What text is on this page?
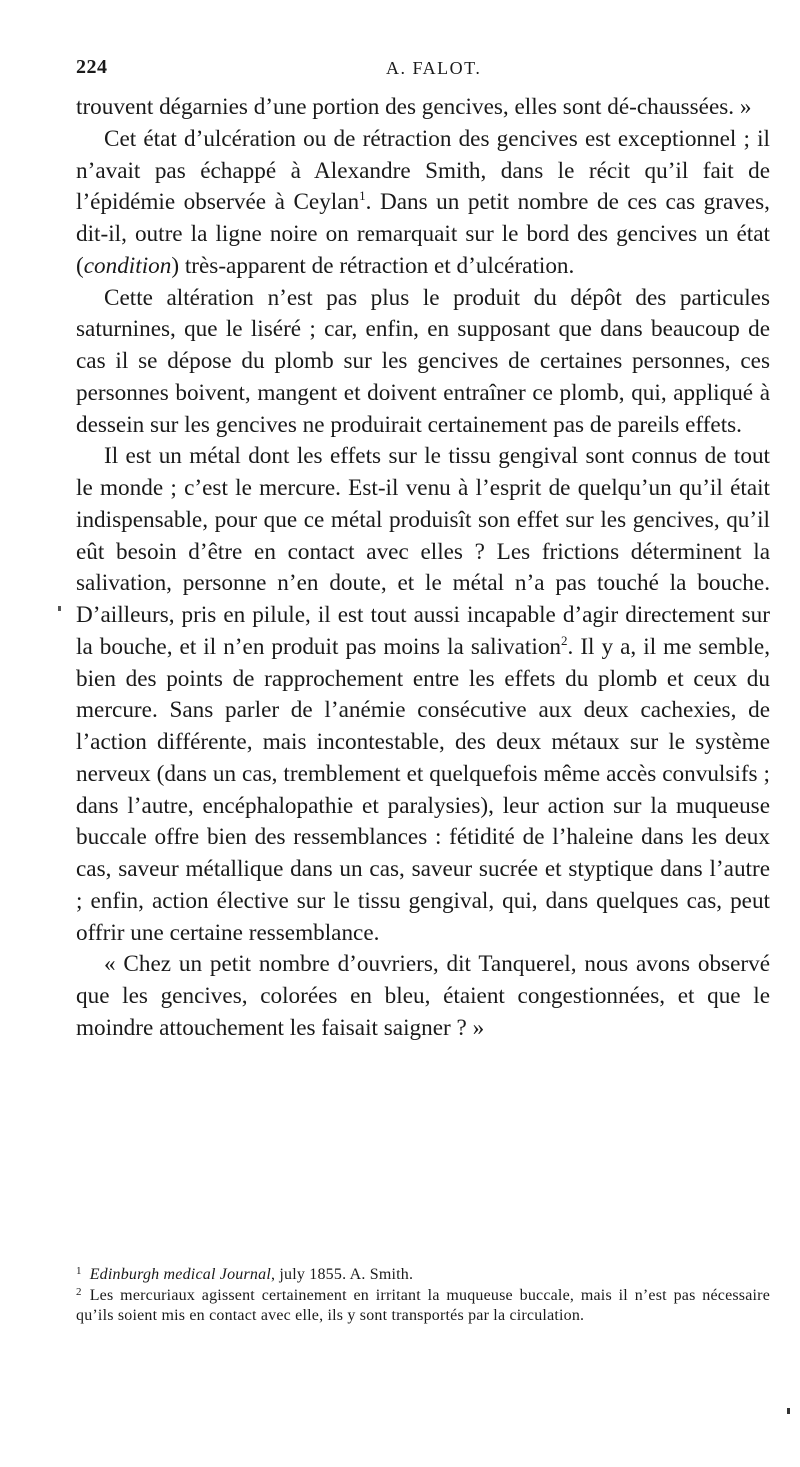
224	A. FALOT.

trouvent dégarnies d’une portion des gencives, elles sont dé-chaussées. »

Cet état d’ulcération ou de rétraction des gencives est exceptionnel ; il n’avait pas échappé à Alexandre Smith, dans le récit qu’il fait de l’épidémie observée à Ceylan$^1$. Dans un petit nombre de ces cas graves, dit-il, outre la ligne noire on remarquait sur le bord des gencives un état (condition) très-apparent de rétraction et d’ulcération.

Cette altération n’est pas plus le produit du dépôt des particules saturnines, que le liséré ; car, enfin, en supposant que dans beaucoup de cas il se dépose du plomb sur les gencives de certaines personnes, ces personnes boivent, mangent et doivent entraîner ce plomb, qui, appliqué à dessein sur les gencives ne produirait certainement pas de pareils effets.

Il est un métal dont les effets sur le tissu gengival sont connus de tout le monde ; c’est le mercure. Est-il venu à l’esprit de quelqu’un qu’il était indispensable, pour que ce métal produisît son effet sur les gencives, qu’il eût besoin d’être en contact avec elles ? Les frictions déterminent la salivation, personne n’en doute, et le métal n’a pas touché la bouche. D’ailleurs, pris en pilule, il est tout aussi incapable d’agir directement sur la bouche, et il n’en produit pas moins la salivation$^2$. Il y a, il me semble, bien des points de rapprochement entre les effets du plomb et ceux du mercure. Sans parler de l’anémie consécutive aux deux cachexies, de l’action différente, mais incontestable, des deux métaux sur le système nerveux (dans un cas, tremblement et quelquefois même accès convulsifs ; dans l’autre, encéphalopathie et paralysies), leur action sur la muqueuse buccale offre bien des ressemblances : fétidité de l’haleine dans les deux cas, saveur métallique dans un cas, saveur sucrée et styptique dans l’autre ; enfin, action élective sur le tissu gengival, qui, dans quelques cas, peut offrir une certaine ressemblance.

« Chez un petit nombre d’ouvriers, dit Tanquerel, nous avons observé que les gencives, colorées en bleu, étaient congestionnées, et que le moindre attouchement les faisait saigner ? »

$^1$ Edinburgh medical Journal, july 1855. A. Smith.

$^2$ Les mercuriaux agissent certainement en irritant la muqueuse buccale, mais il n’est pas nécessaire qu’ils soient mis en contact avec elle, ils y sont transportés par la circulation.
